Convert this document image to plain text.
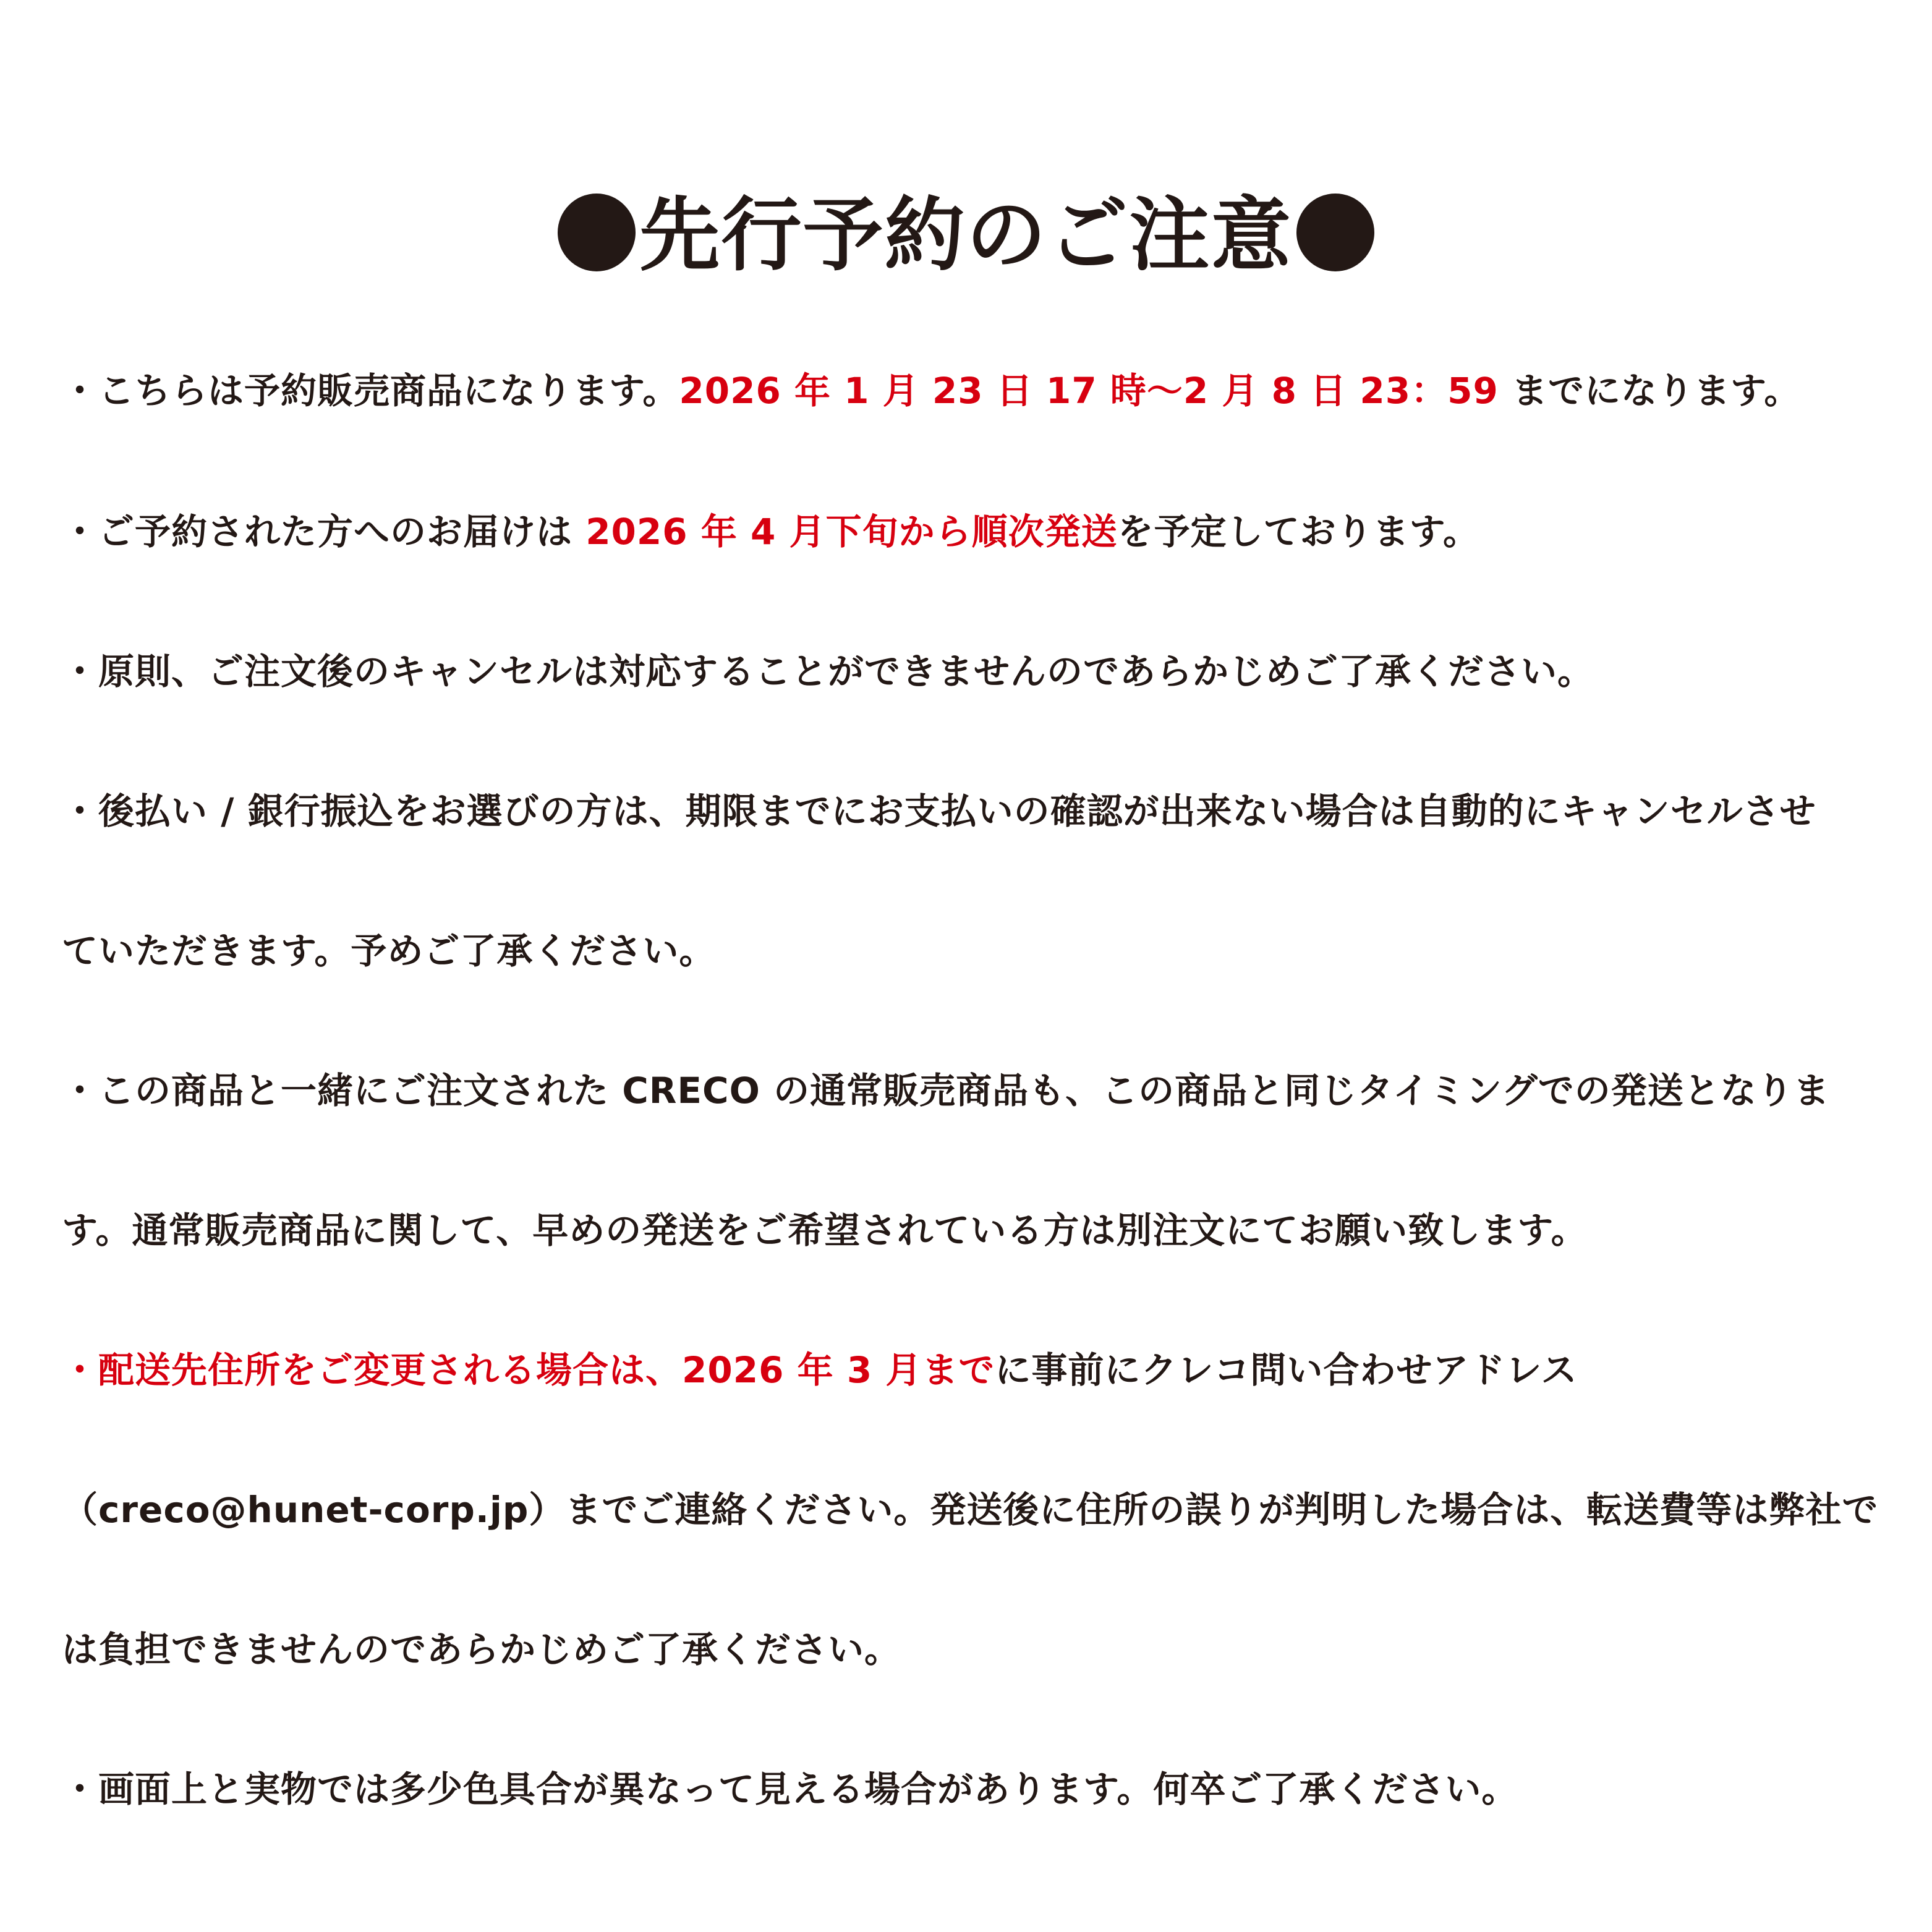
先行予約のご注意
・こちらは予約販売商品になります。2026 年 1 月 23 日 17 時〜2 月 8 日 23：59 までになります。
・ご予約された方へのお届けは 2026 年 4 月下旬から順次発送を予定しております。
・原則、ご注文後のキャンセルは対応することができませんのであらかじめご了承ください。
・後払い / 銀行振込をお選びの方は、期限までにお支払いの確認が出来ない場合は自動的にキャンセルさせ
ていただきます。予めご了承ください。
・この商品と一緒にご注文された CRECO の通常販売商品も、この商品と同じタイミングでの発送となりま
す。通常販売商品に関して、早めの発送をご希望されている方は別注文にてお願い致します。
・配送先住所をご変更される場合は、2026 年 3 月までに事前にクレコ問い合わせアドレス
（creco@hunet-corp.jp）までご連絡ください。発送後に住所の誤りが判明した場合は、転送費等は弊社で
は負担できませんのであらかじめご了承ください。
・画面上と実物では多少色具合が異なって見える場合があります。何卒ご了承ください。
